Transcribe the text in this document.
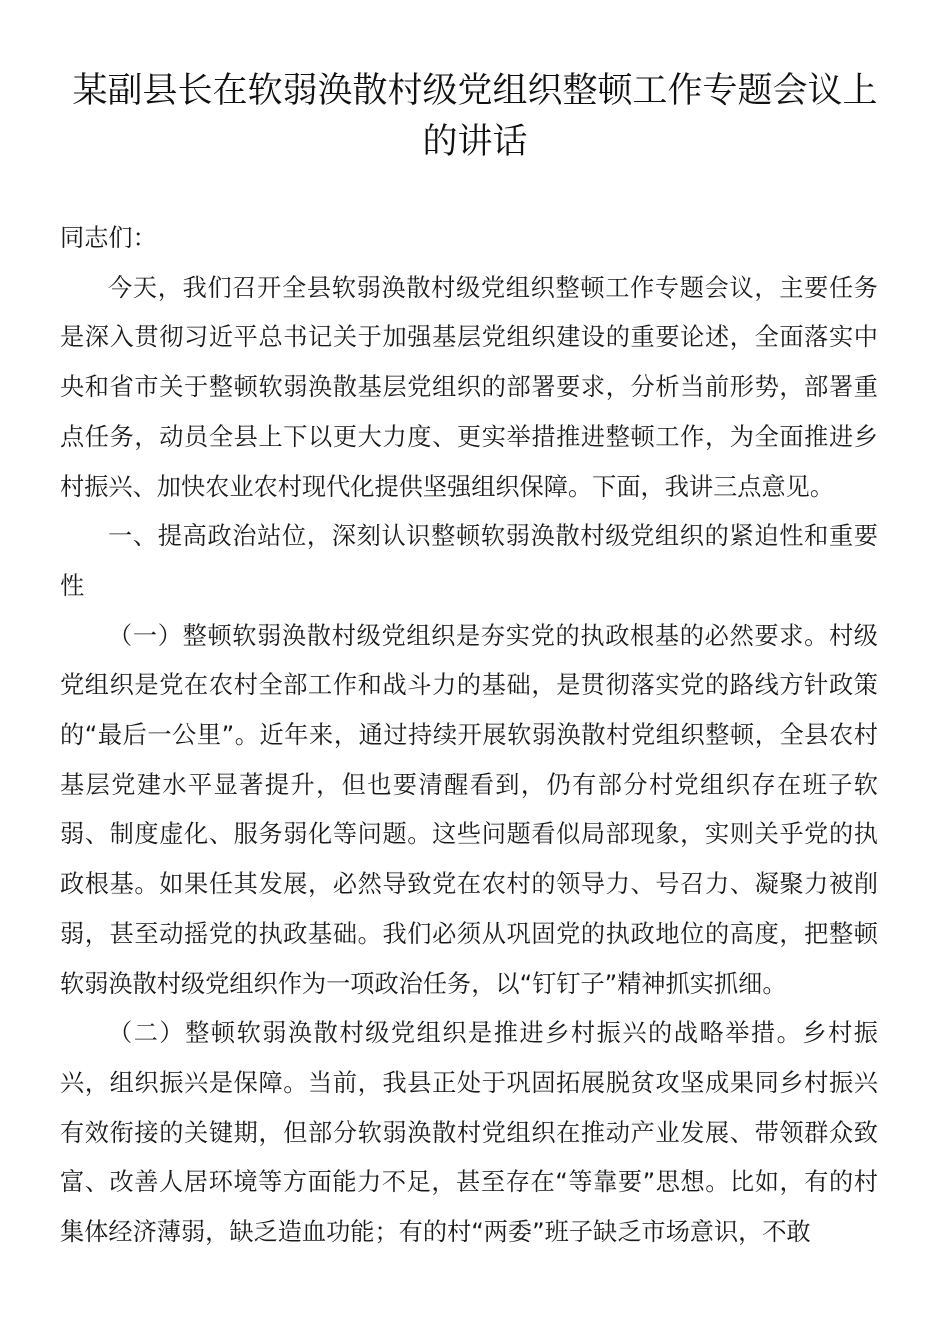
某副县长在软弱涣散村级党组织整顿工作专题会议上的讲话

同志们：

今天，我们召开全县软弱涣散村级党组织整顿工作专题会议，主要任务是深入贯彻习近平总书记关于加强基层党组织建设的重要论述，全面落实中央和省市关于整顿软弱涣散基层党组织的部署要求，分析当前形势，部署重点任务，动员全县上下以更大力度、更实举措推进整顿工作，为全面推进乡村振兴、加快农业农村现代化提供坚强组织保障。下面，我讲三点意见。

一、提高政治站位，深刻认识整顿软弱涣散村级党组织的紧迫性和重要性

（一）整顿软弱涣散村级党组织是夯实党的执政根基的必然要求。村级党组织是党在农村全部工作和战斗力的基础，是贯彻落实党的路线方针政策的“最后一公里”。近年来，通过持续开展软弱涣散村党组织整顿，全县农村基层党建水平显著提升，但也要清醒看到，仍有部分村党组织存在班子软弱、制度虚化、服务弱化等问题。这些问题看似局部现象，实则关乎党的执政根基。如果任其发展，必然导致党在农村的领导力、号召力、凝聚力被削弱，甚至动摇党的执政基础。我们必须从巩固党的执政地位的高度，把整顿软弱涣散村级党组织作为一项政治任务，以“钉钉子”精神抓实抓细。

（二）整顿软弱涣散村级党组织是推进乡村振兴的战略举措。乡村振兴，组织振兴是保障。当前，我县正处于巩固拓展脱贫攻坚成果同乡村振兴有效衔接的关键期，但部分软弱涣散村党组织在推动产业发展、带领群众致富、改善人居环境等方面能力不足，甚至存在“等靠要”思想。比如，有的村集体经济薄弱，缺乏造血功能；有的村“两委”班子缺乏市场意识，不敢
